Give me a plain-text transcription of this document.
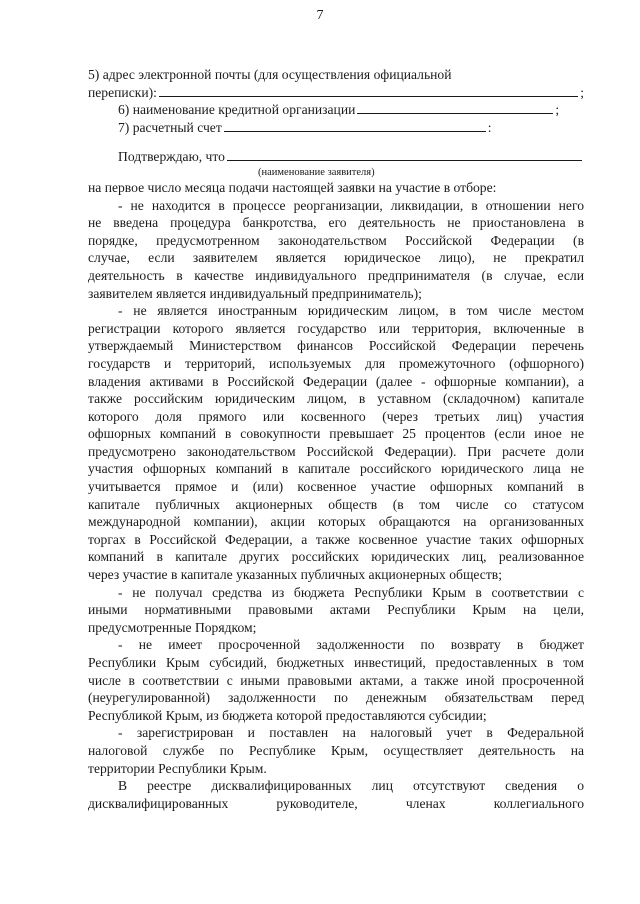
7
5) адрес электронной почты (для осуществления официальной
переписки):	;
6) наименование кредитной организации	;
7) расчетный счет	:
Подтверждаю, что
(наименование заявителя)
на первое число месяца подачи настоящей заявки на участие в отборе:
- не находится в процессе реорганизации, ликвидации, в отношении него
не введена процедура банкротства, его деятельность не приостановлена в
порядке, предусмотренном законодательством Российской Федерации (в
случае, если заявителем является юридическое лицо), не прекратил
деятельность в качестве индивидуального предпринимателя (в случае, если
заявителем является индивидуальный предприниматель);
- не является иностранным юридическим лицом, в том числе местом
регистрации которого является государство или территория, включенные в
утверждаемый Министерством финансов Российской Федерации перечень
государств и территорий, используемых для промежуточного (офшорного)
владения активами в Российской Федерации (далее - офшорные компании), а
также российским юридическим лицом, в уставном (складочном) капитале
которого доля прямого или косвенного (через третьих лиц) участия
офшорных компаний в совокупности превышает 25 процентов (если иное не
предусмотрено законодательством Российской Федерации). При расчете доли
участия офшорных компаний в капитале российского юридического лица не
учитывается прямое и (или) косвенное участие офшорных компаний в
капитале публичных акционерных обществ (в том числе со статусом
международной компании), акции которых обращаются на организованных
торгах в Российской Федерации, а также косвенное участие таких офшорных
компаний в капитале других российских юридических лиц, реализованное
через участие в капитале указанных публичных акционерных обществ;
- не получал средства из бюджета Республики Крым в соответствии с
иными нормативными правовыми актами Республики Крым на цели,
предусмотренные Порядком;
- не имеет просроченной задолженности по возврату в бюджет
Республики Крым субсидий, бюджетных инвестиций, предоставленных в том
числе в соответствии с иными правовыми актами, а также иной просроченной
(неурегулированной) задолженности по денежным обязательствам перед
Республикой Крым, из бюджета которой предоставляются субсидии;
- зарегистрирован и поставлен на налоговый учет в Федеральной
налоговой службе по Республике Крым, осуществляет деятельность на
территории Республики Крым.
В реестре дисквалифицированных лиц отсутствуют сведения о
дисквалифицированных руководителе, членах коллегиального
